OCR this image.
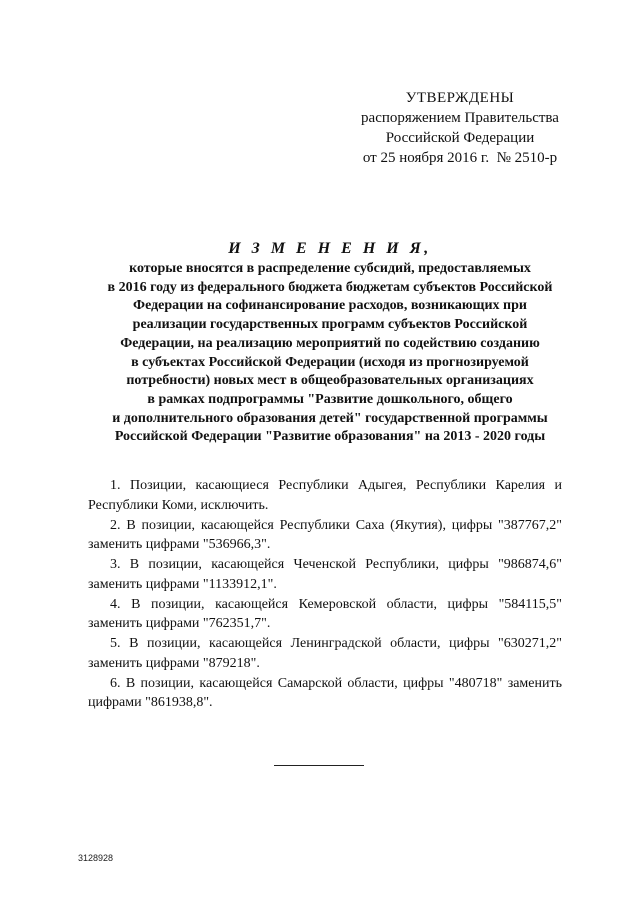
УТВЕРЖДЕНЫ
распоряжением Правительства
Российской Федерации
от 25 ноября 2016 г.  № 2510-р
И З М Е Н Е Н И Я,
которые вносятся в распределение субсидий, предоставляемых
в 2016 году из федерального бюджета бюджетам субъектов Российской
Федерации на софинансирование расходов, возникающих при
реализации государственных программ субъектов Российской
Федерации, на реализацию мероприятий по содействию созданию
в субъектах Российской Федерации (исходя из прогнозируемой
потребности) новых мест в общеобразовательных организациях
в рамках подпрограммы "Развитие дошкольного, общего
и дополнительного образования детей" государственной программы
Российской Федерации "Развитие образования" на 2013 - 2020 годы

1. Позиции, касающиеся Республики Адыгея, Республики Карелия и Республики Коми, исключить.

2. В позиции, касающейся Республики Саха (Якутия), цифры "387767,2" заменить цифрами "536966,3".

3. В позиции, касающейся Чеченской Республики, цифры "986874,6" заменить цифрами "1133912,1".

4. В позиции, касающейся Кемеровской области, цифры "584115,5" заменить цифрами "762351,7".

5. В позиции, касающейся Ленинградской области, цифры "630271,2" заменить цифрами "879218".

6. В позиции, касающейся Самарской области, цифры "480718" заменить цифрами "861938,8".

3128928
